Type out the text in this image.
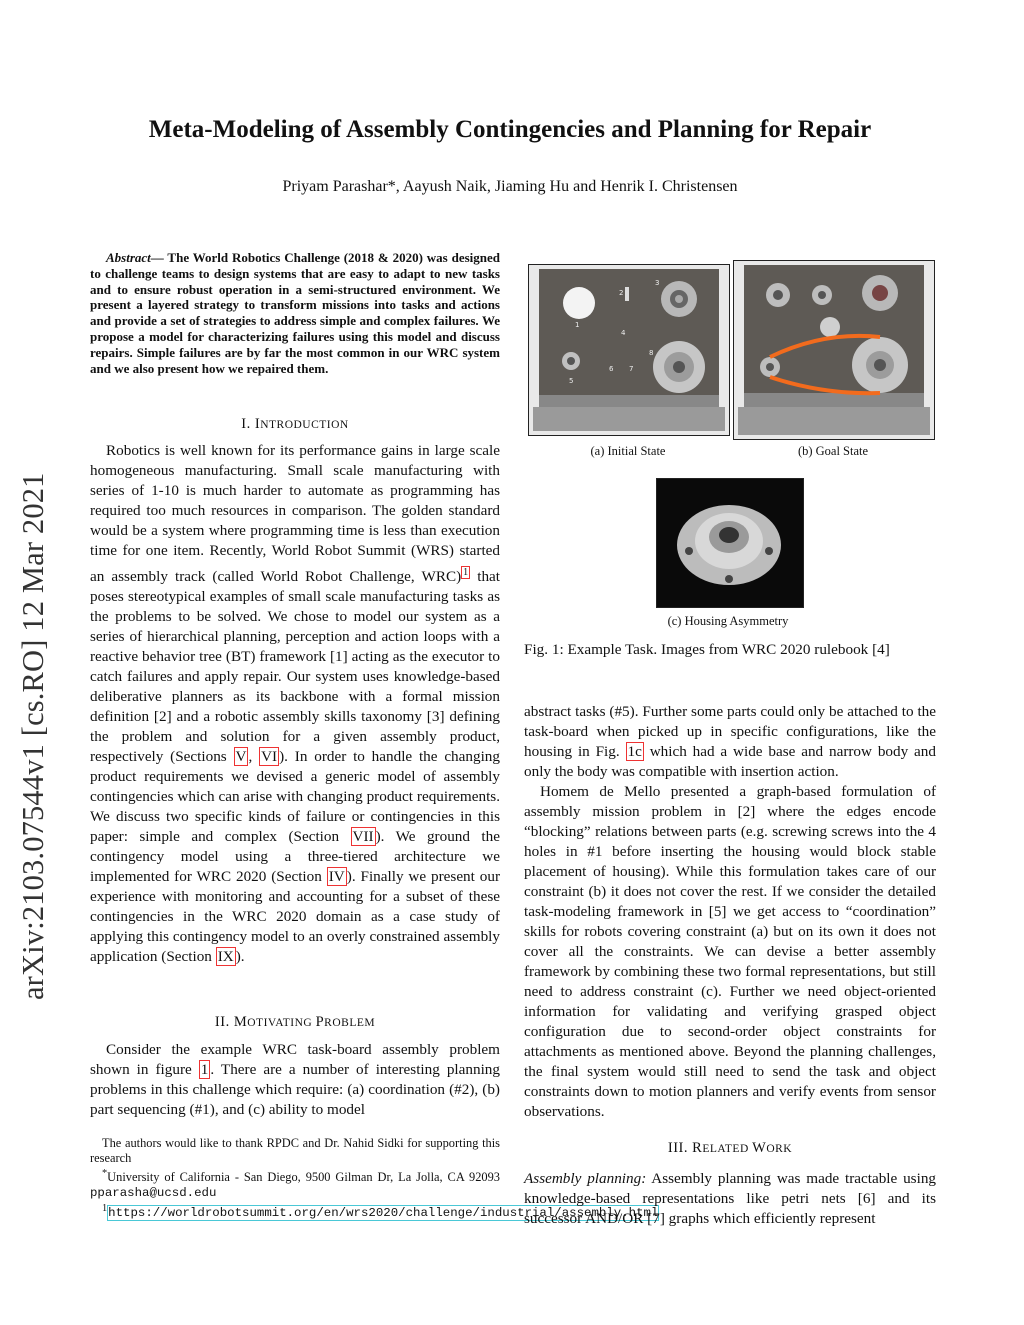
arXiv:2103.07544v1 [cs.RO] 12 Mar 2021
Meta-Modeling of Assembly Contingencies and Planning for Repair
Priyam Parashar*, Aayush Naik, Jiaming Hu and Henrik I. Christensen
Abstract— The World Robotics Challenge (2018 & 2020) was designed to challenge teams to design systems that are easy to adapt to new tasks and to ensure robust operation in a semi-structured environment. We present a layered strategy to transform missions into tasks and actions and provide a set of strategies to address simple and complex failures. We propose a model for characterizing failures using this model and discuss repairs. Simple failures are by far the most common in our WRC system and we also present how we repaired them.
I. INTRODUCTION

Robotics is well known for its performance gains in large scale homogeneous manufacturing. Small scale manufacturing with series of 1-10 is much harder to automate as programming has required too much resources in comparison. The golden standard would be a system where programming time is less than execution time for one item. Recently, World Robot Summit (WRS) started an assembly track (called World Robot Challenge, WRC) $^1$ that poses stereotypical examples of small scale manufacturing tasks as the problems to be solved. We chose to model our system as a series of hierarchical planning, perception and action loops with a reactive behavior tree (BT) framework [1] acting as the executor to catch failures and apply repair. Our system uses knowledge-based deliberative planners as its backbone with a formal mission definition [2] and a robotic assembly skills taxonomy [3] defining the problem and solution for a given assembly product, respectively (Sections V , VI ). In order to handle the changing product requirements we devised a generic model of assembly contingencies which can arise with changing product requirements. We discuss two specific kinds of failure or contingencies in this paper: simple and complex (Section VII ). We ground the contingency model using a three-tiered architecture we implemented for WRC 2020 (Section IV ). Finally we present our experience with monitoring and accounting for a subset of these contingencies in the WRC 2020 domain as a case study of applying this contingency model to an overly constrained assembly application (Section IX ).

II. MOTIVATING PROBLEM

Consider the example WRC task-board assembly problem shown in figure 1 . There are a number of interesting planning problems in this challenge which require: (a) coordination (#2), (b) part sequencing (#1), and (c) ability to model

The authors would like to thank RPDC and Dr. Nahid Sidki for supporting this research

*University of California - San Diego, 9500 Gilman Dr, La Jolla, CA 92093 pparasha@ucsd.edu

$^1$https://worldrobotsummit.org/en/wrs2020/challenge/industrial/assembly.html

1
2
3
4
5
6 7
8
(a) Initial State	(b) Goal State
(c) Housing Asymmetry
Fig. 1: Example Task. Images from WRC 2020 rulebook [4]

abstract tasks (#5). Further some parts could only be attached to the task-board when picked up in specific configurations, like the housing in Fig. 1c which had a wide base and narrow body and only the body was compatible with insertion action.

Homem de Mello presented a graph-based formulation of assembly mission problem in [2] where the edges encode “blocking” relations between parts (e.g. screwing screws into the 4 holes in #1 before inserting the housing would block stable placement of housing). While this formulation takes care of our constraint (b) it does not cover the rest. If we consider the detailed task-modeling framework in [5] we get access to “coordination” skills for robots covering constraint (a) but on its own it does not cover all the constraints. We can devise a better assembly framework by combining these two formal representations, but still need to address constraint (c). Further we need object-oriented information for validating and verifying grasped object configuration due to second-order object constraints for attachments as mentioned above. Beyond the planning challenges, the final system would still need to send the task and object constraints down to motion planners and verify events from sensor observations.

III. RELATED WORK

Assembly planning: Assembly planning was made tractable using knowledge-based representations like petri nets [6] and its successor AND/OR [7] graphs which efficiently represent
